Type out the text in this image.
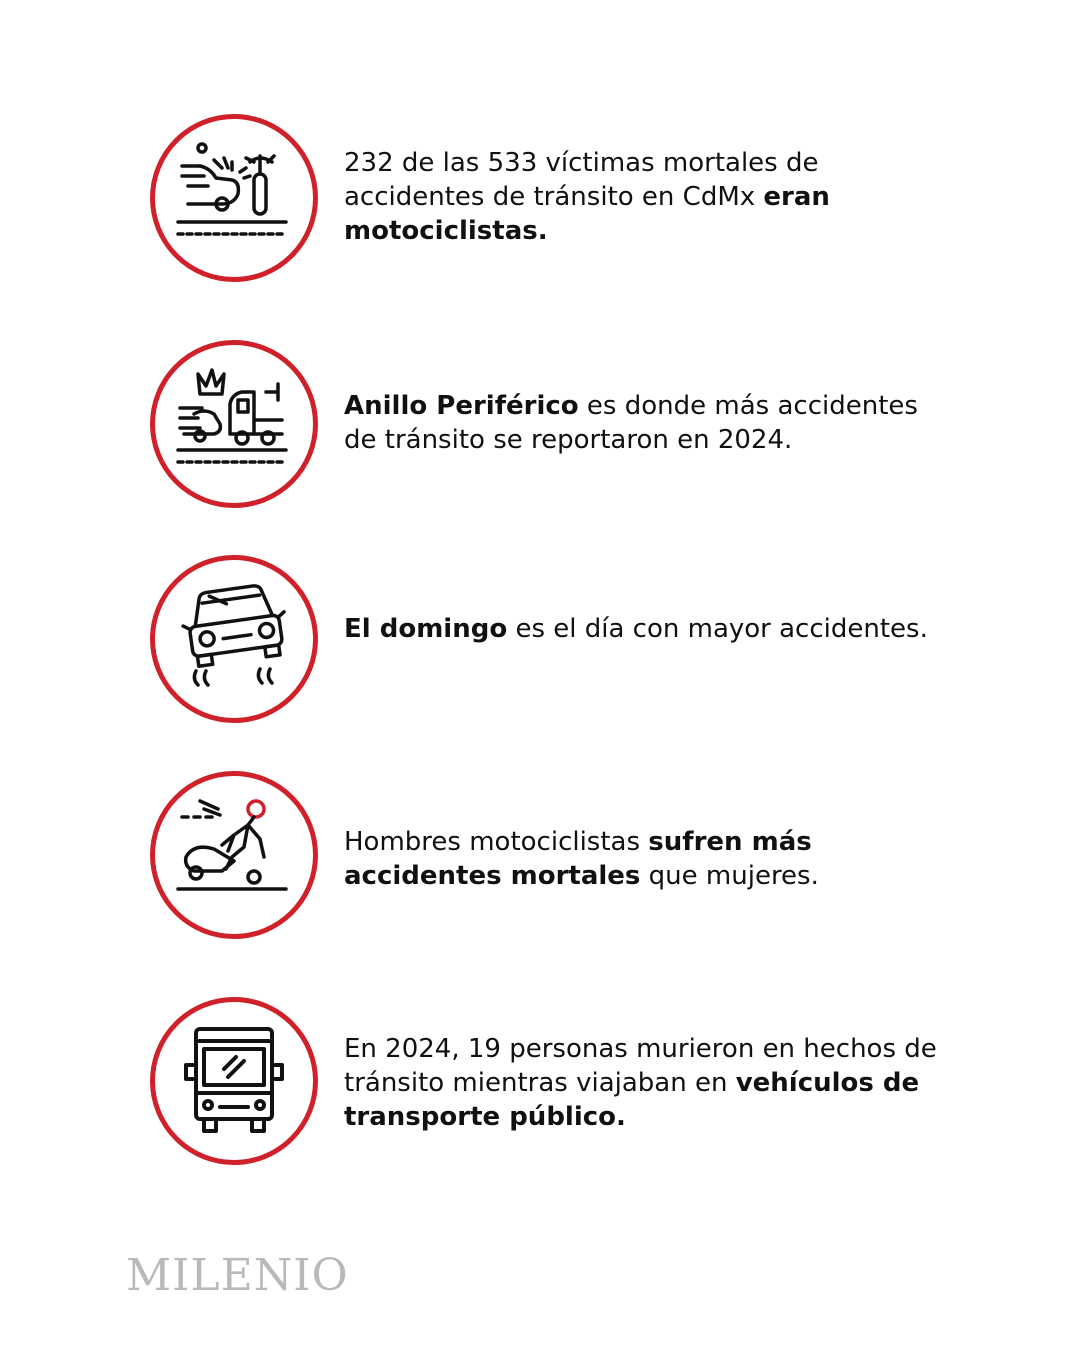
232 de las 533 víctimas mortales de accidentes de tránsito en CdMx eran motociclistas.
Anillo Periférico es donde más accidentes de tránsito se reportaron en 2024.
El domingo es el día con mayor accidentes.
Hombres motociclistas sufren más accidentes mortales que mujeres.
En 2024, 19 personas murieron en hechos de tránsito mientras viajaban en vehículos de transporte público.
MILENIO
